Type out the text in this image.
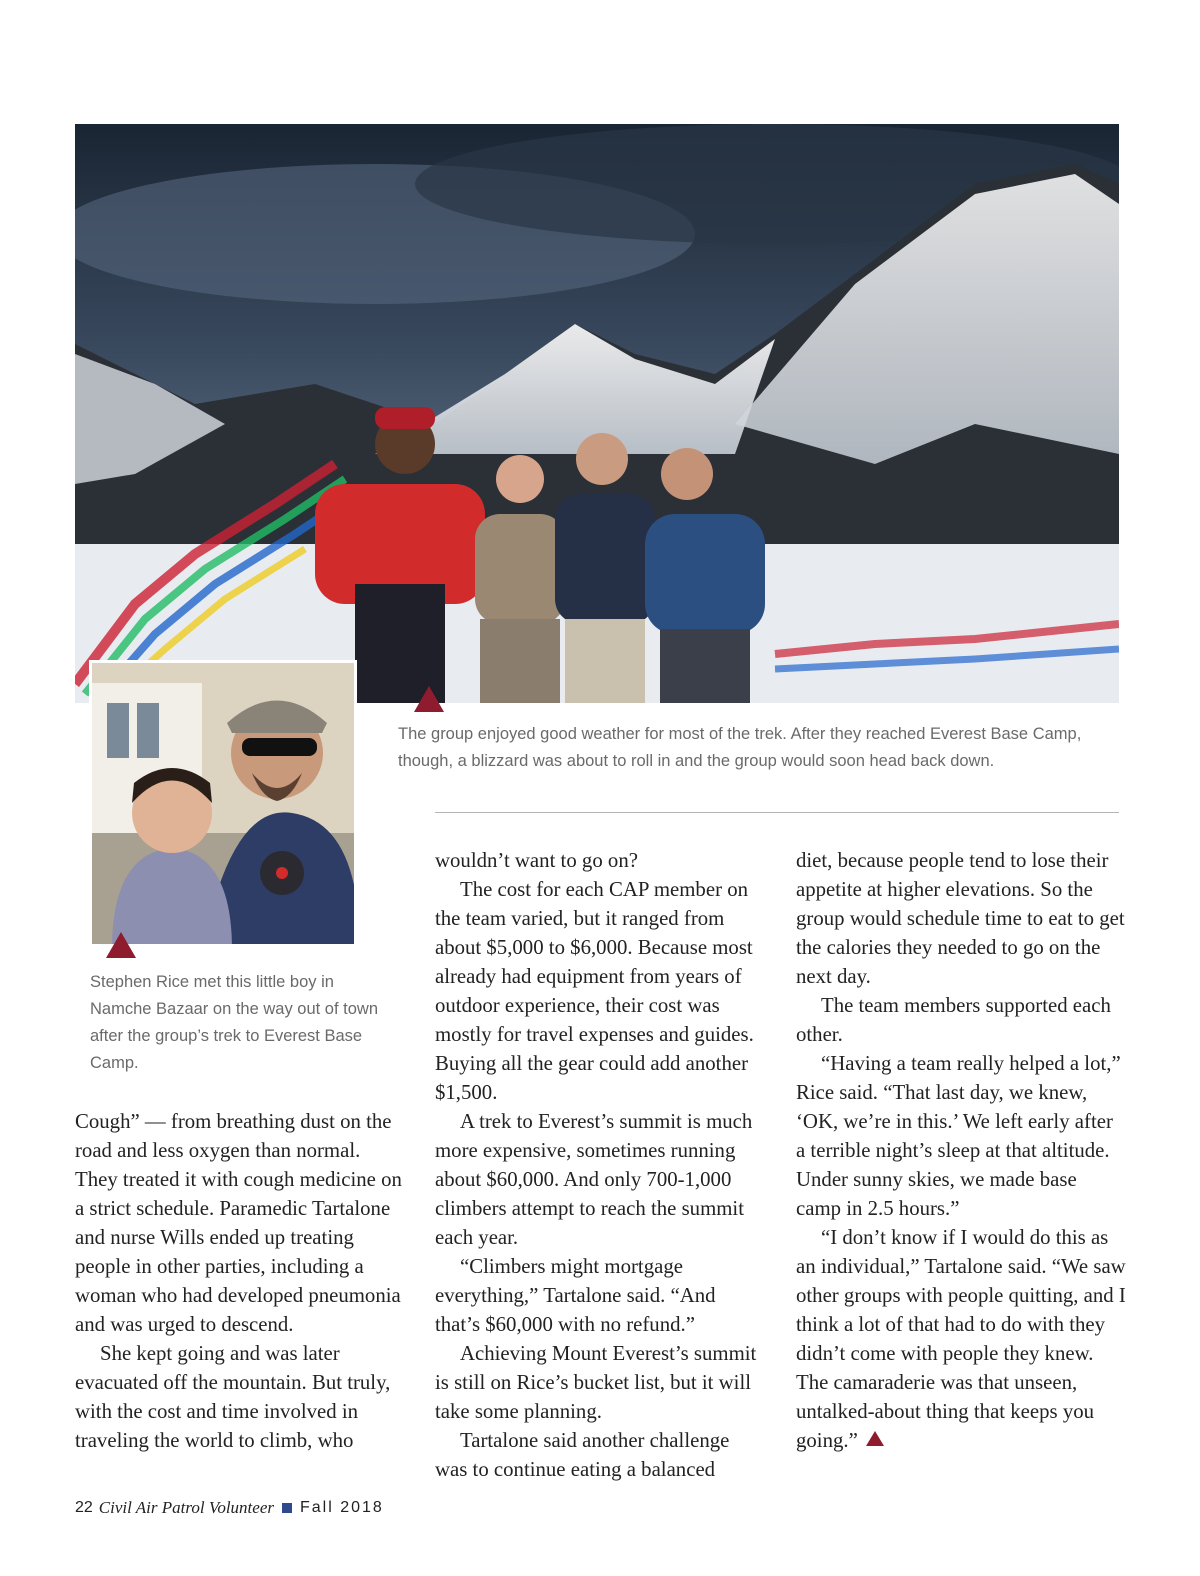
The group enjoyed good weather for most of the trek. After they reached Everest Base Camp, though, a blizzard was about to roll in and the group would soon head back down.
Stephen Rice met this little boy in Namche Bazaar on the way out of town after the group’s trek to Everest Base Camp.

Cough” — from breathing dust on the road and less oxygen than normal. They treated it with cough medicine on a strict schedule. Paramedic Tartalone and nurse Wills ended up treating people in other parties, including a woman who had developed pneumonia and was urged to descend.

She kept going and was later evacuated off the mountain. But truly, with the cost and time involved in traveling the world to climb, who

wouldn’t want to go on?

The cost for each CAP member on the team varied, but it ranged from about $5,000 to $6,000. Because most already had equipment from years of outdoor experience, their cost was mostly for travel expenses and guides. Buying all the gear could add another $1,500.

A trek to Everest’s summit is much more expensive, sometimes running about $60,000. And only 700-1,000 climbers attempt to reach the summit each year.

“Climbers might mortgage everything,” Tartalone said. “And that’s $60,000 with no refund.”

Achieving Mount Everest’s summit is still on Rice’s bucket list, but it will take some planning.

Tartalone said another challenge was to continue eating a balanced

diet, because people tend to lose their appetite at higher elevations. So the group would schedule time to eat to get the calories they needed to go on the next day.

The team members supported each other.

“Having a team really helped a lot,” Rice said. “That last day, we knew, ‘OK, we’re in this.’ We left early after a terrible night’s sleep at that altitude. Under sunny skies, we made base camp in 2.5 hours.”

“I don’t know if I would do this as an individual,” Tartalone said. “We saw other groups with people quitting, and I think a lot of that had to do with they didn’t come with people they knew. The camaraderie was that unseen, untalked-about thing that keeps you going.”

22 Civil Air Patrol Volunteer Fall 2018
